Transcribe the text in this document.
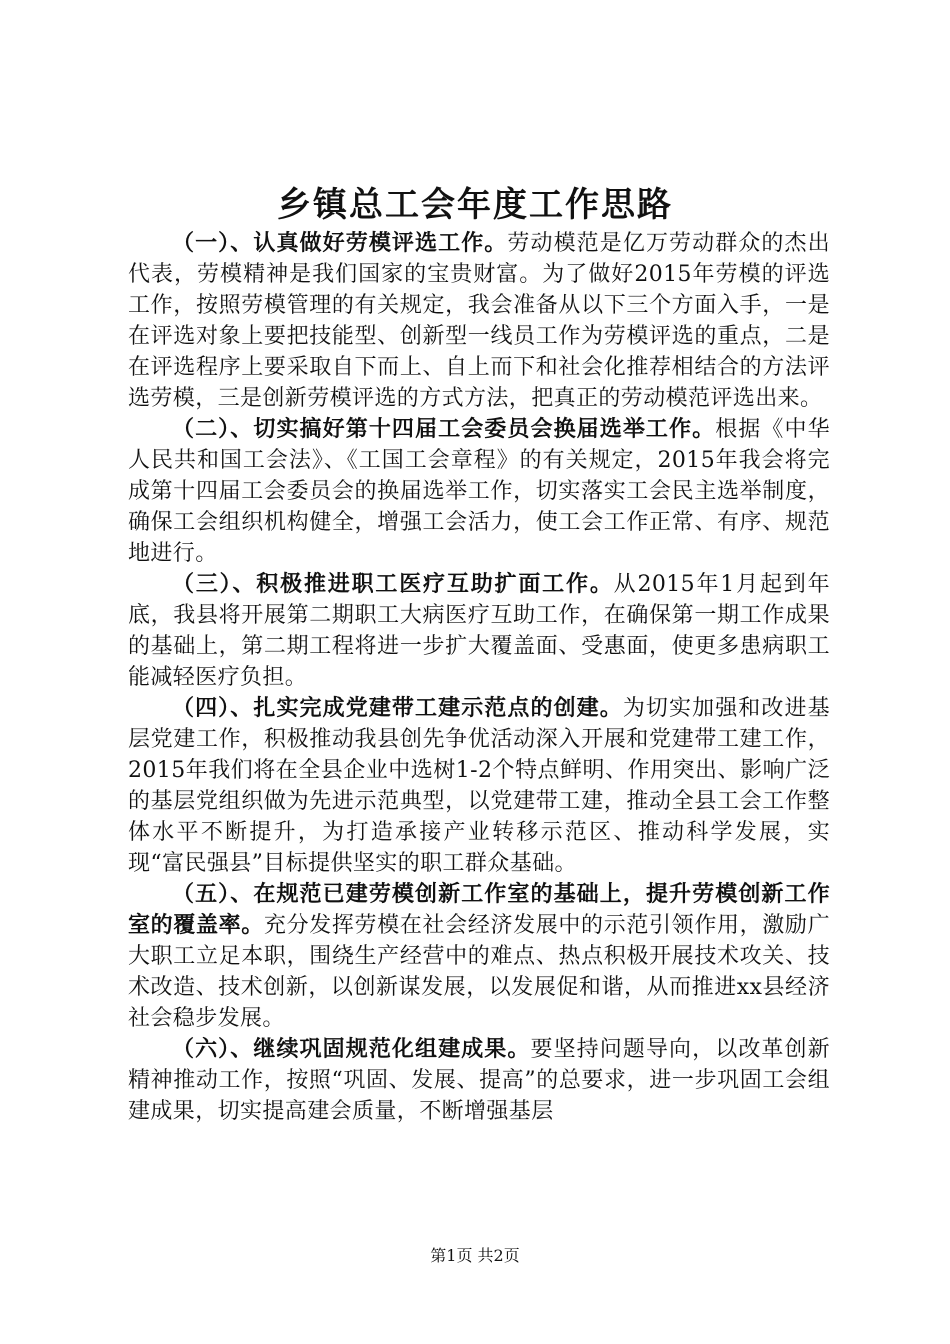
乡镇总工会年度工作思路

（一）、认真做好劳模评选工作。劳动模范是亿万劳动群众的杰出代表，劳模精神是我们国家的宝贵财富。为了做好2015年劳模的评选工作，按照劳模管理的有关规定，我会准备从以下三个方面入手，一是在评选对象上要把技能型、创新型一线员工作为劳模评选的重点，二是在评选程序上要采取自下而上、自上而下和社会化推荐相结合的方法评选劳模，三是创新劳模评选的方式方法，把真正的劳动模范评选出来。

（二）、切实搞好第十四届工会委员会换届选举工作。根据《中华人民共和国工会法》、《工国工会章程》的有关规定，2015年我会将完成第十四届工会委员会的换届选举工作，切实落实工会民主选举制度，确保工会组织机构健全，增强工会活力，使工会工作正常、有序、规范地进行。

（三）、积极推进职工医疗互助扩面工作。从2015年1月起到年底，我县将开展第二期职工大病医疗互助工作，在确保第一期工作成果的基础上，第二期工程将进一步扩大覆盖面、受惠面，使更多患病职工能减轻医疗负担。

（四）、扎实完成党建带工建示范点的创建。为切实加强和改进基层党建工作，积极推动我县创先争优活动深入开展和党建带工建工作，2015年我们将在全县企业中选树1-2个特点鲜明、作用突出、影响广泛的基层党组织做为先进示范典型，以党建带工建，推动全县工会工作整体水平不断提升，为打造承接产业转移示范区、推动科学发展，实现“富民强县”目标提供坚实的职工群众基础。

（五）、在规范已建劳模创新工作室的基础上，提升劳模创新工作室的覆盖率。充分发挥劳模在社会经济发展中的示范引领作用，激励广大职工立足本职，围绕生产经营中的难点、热点积极开展技术攻关、技术改造、技术创新，以创新谋发展，以发展促和谐，从而推进xx县经济社会稳步发展。

（六）、继续巩固规范化组建成果。要坚持问题导向，以改革创新精神推动工作，按照“巩固、发展、提高”的总要求，进一步巩固工会组建成果，切实提高建会质量，不断增强基层

第1页 共2页
